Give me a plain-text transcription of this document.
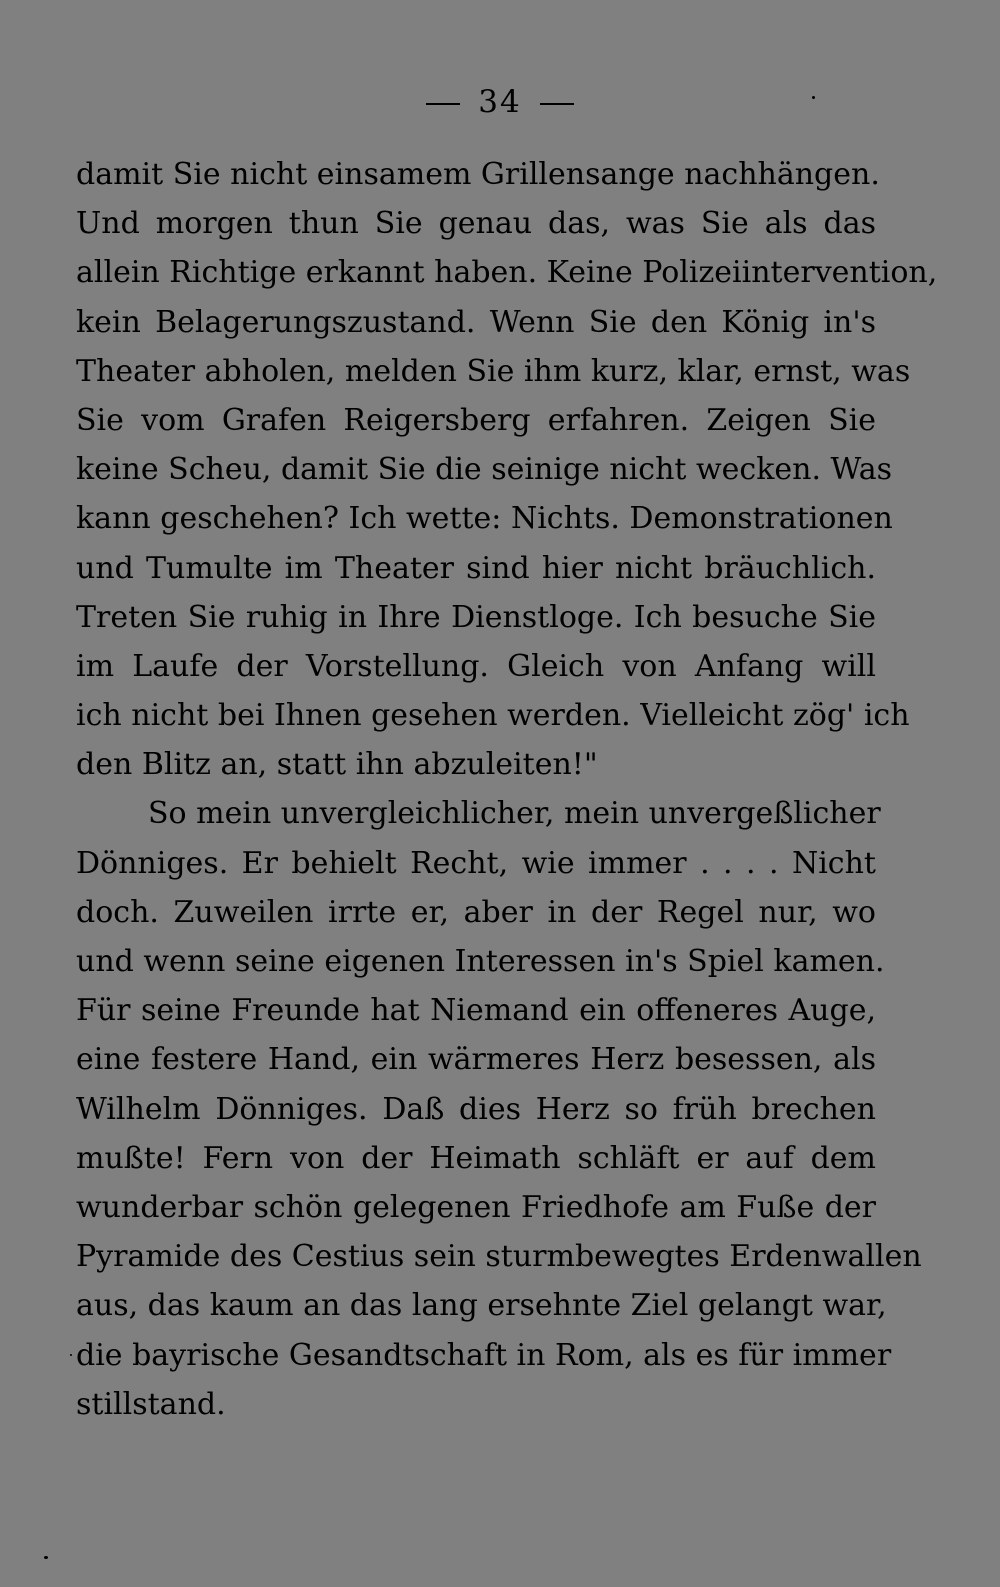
34
damit Sie nicht einsamem Grillensange nachhängen.
Und morgen thun Sie genau das, was Sie als das
allein Richtige erkannt haben. Keine Polizeiintervention,
kein Belagerungszustand. Wenn Sie den König in's
Theater abholen, melden Sie ihm kurz, klar, ernst, was
Sie vom Grafen Reigersberg erfahren. Zeigen Sie
keine Scheu, damit Sie die seinige nicht wecken. Was
kann geschehen? Ich wette: Nichts. Demonstrationen
und Tumulte im Theater sind hier nicht bräuchlich.
Treten Sie ruhig in Ihre Dienstloge. Ich besuche Sie
im Laufe der Vorstellung. Gleich von Anfang will
ich nicht bei Ihnen gesehen werden. Vielleicht zög' ich
den Blitz an, statt ihn abzuleiten!"
So mein unvergleichlicher, mein unvergeßlicher
Dönniges. Er behielt Recht, wie immer . . . . Nicht
doch. Zuweilen irrte er, aber in der Regel nur, wo
und wenn seine eigenen Interessen in's Spiel kamen.
Für seine Freunde hat Niemand ein offeneres Auge,
eine festere Hand, ein wärmeres Herz besessen, als
Wilhelm Dönniges. Daß dies Herz so früh brechen
mußte! Fern von der Heimath schläft er auf dem
wunderbar schön gelegenen Friedhofe am Fuße der
Pyramide des Cestius sein sturmbewegtes Erdenwallen
aus, das kaum an das lang ersehnte Ziel gelangt war,
die bayrische Gesandtschaft in Rom, als es für immer
stillstand.
